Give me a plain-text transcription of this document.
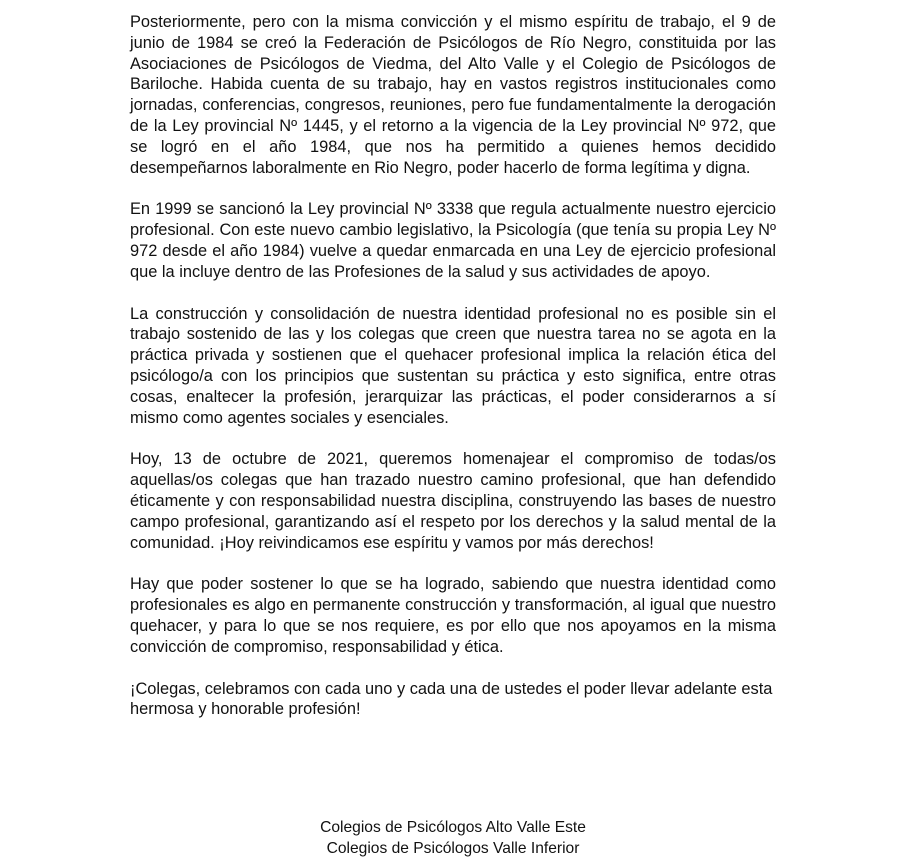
Posteriormente, pero con la misma convicción y el mismo espíritu de trabajo, el 9 de junio de 1984 se creó la Federación de Psicólogos de Río Negro, constituida por las Asociaciones de Psicólogos de Viedma, del Alto Valle y el Colegio de Psicólogos de Bariloche. Habida cuenta de su trabajo, hay en vastos registros institucionales como jornadas, conferencias, congresos, reuniones, pero fue fundamentalmente la derogación de la Ley provincial Nº 1445, y el retorno a la vigencia de la Ley provincial Nº 972, que se logró en el año 1984, que nos ha permitido a quienes hemos decidido desempeñarnos laboralmente en Rio Negro, poder hacerlo de forma legítima y digna.

En 1999 se sancionó la Ley provincial Nº 3338 que regula actualmente nuestro ejercicio profesional. Con este nuevo cambio legislativo, la Psicología (que tenía su propia Ley Nº 972 desde el año 1984) vuelve a quedar enmarcada en una Ley de ejercicio profesional que la incluye dentro de las Profesiones de la salud y sus actividades de apoyo.

La construcción y consolidación de nuestra identidad profesional no es posible sin el trabajo sostenido de las y los colegas que creen que nuestra tarea no se agota en la práctica privada y sostienen que el quehacer profesional implica la relación ética del psicólogo/a con los principios que sustentan su práctica y esto significa, entre otras cosas, enaltecer la profesión, jerarquizar las prácticas, el poder considerarnos a sí mismo como agentes sociales y esenciales.

Hoy, 13 de octubre de 2021, queremos homenajear el compromiso de todas/os aquellas/os colegas que han trazado nuestro camino profesional, que han defendido éticamente y con responsabilidad nuestra disciplina, construyendo las bases de nuestro campo profesional, garantizando así el respeto por los derechos y la salud mental de la comunidad. ¡Hoy reivindicamos ese espíritu y vamos por más derechos!

Hay que poder sostener lo que se ha logrado, sabiendo que nuestra identidad como profesionales es algo en permanente construcción y transformación, al igual que nuestro quehacer, y para lo que se nos requiere, es por ello que nos apoyamos en la misma convicción de compromiso, responsabilidad y ética.

¡Colegas, celebramos con cada uno y cada una de ustedes el poder llevar adelante esta hermosa y honorable profesión!

Colegios de Psicólogos Alto Valle Este
Colegios de Psicólogos Valle Inferior
